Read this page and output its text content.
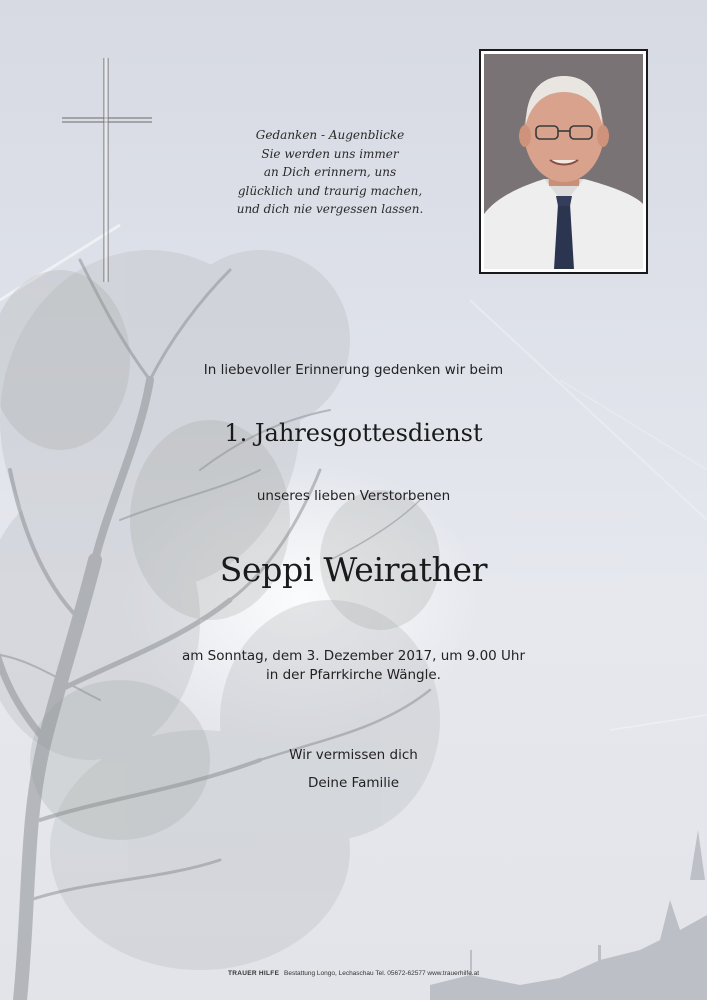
Gedanken - Augenblicke
Sie werden uns immer
an Dich erinnern, uns
glücklich und traurig machen,
und dich nie vergessen lassen.
In liebevoller Erinnerung gedenken wir beim
1. Jahresgottesdienst
unseres lieben Verstorbenen
Seppi Weirather
am Sonntag, dem 3. Dezember 2017, um 9.00 Uhr
in der Pfarrkirche Wängle.
Wir vermissen dich
Deine Familie
TRAUER HILFE Bestattung Longo, Lechaschau Tel. 05672-62577 www.trauerhilfe.at
